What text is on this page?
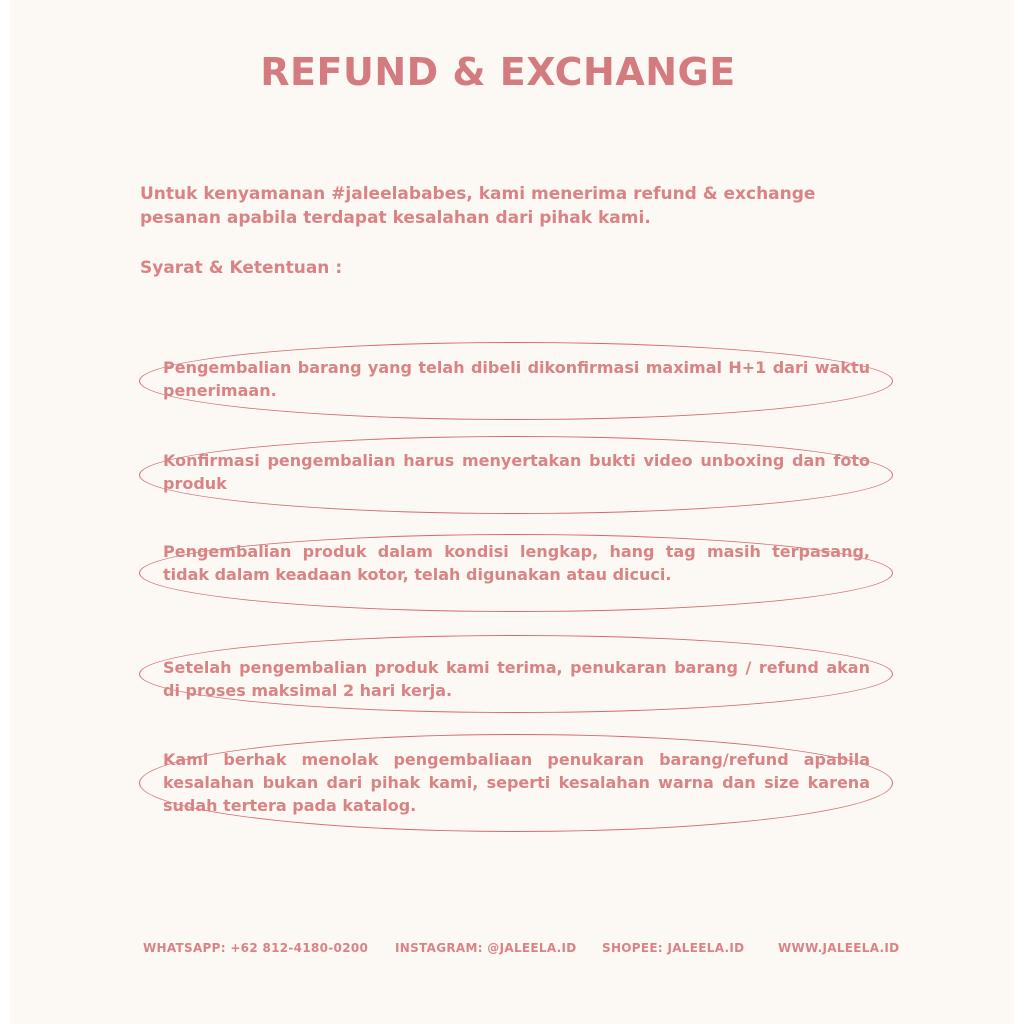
REFUND & EXCHANGE
Untuk kenyamanan #jaleelababes, kami menerima refund & exchange pesanan apabila terdapat kesalahan dari pihak kami.
Syarat & Ketentuan :
Pengembalian barang yang telah dibeli dikonfirmasi maximal H+1 dari waktu penerimaan.
Konfirmasi pengembalian harus menyertakan bukti video unboxing dan foto produk
Pengembalian produk dalam kondisi lengkap, hang tag masih terpasang, tidak dalam keadaan kotor, telah digunakan atau dicuci.
Setelah pengembalian produk kami terima, penukaran barang / refund akan di proses maksimal 2 hari kerja.
Kami berhak menolak pengembaliaan penukaran barang/refund apabila kesalahan bukan dari pihak kami, seperti kesalahan warna dan size karena sudah tertera pada katalog.
WHATSAPP: +62 812-4180-0200 INSTAGRAM: @JALEELA.ID SHOPEE: JALEELA.ID	WWW.JALEELA.ID
